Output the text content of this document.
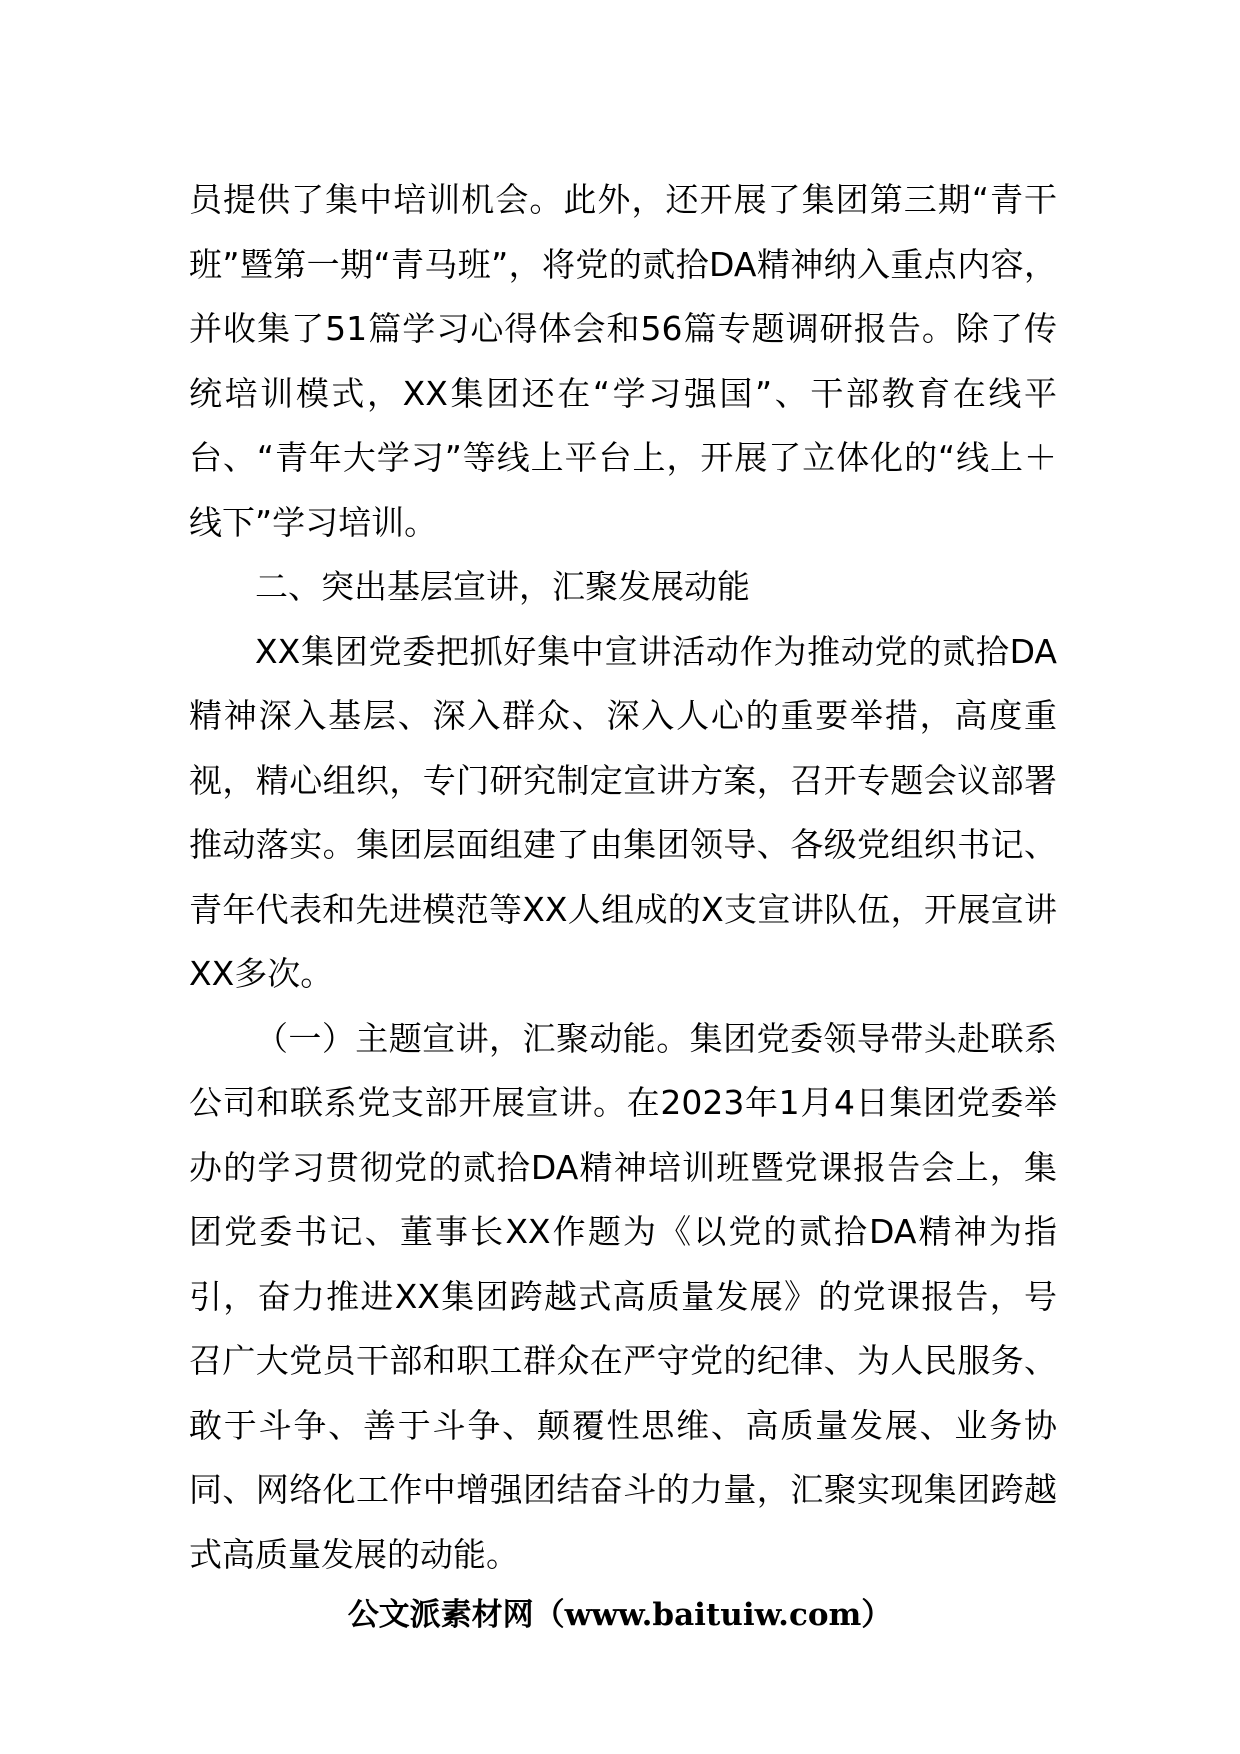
员提供了集中培训机会。此外，还开展了集团第三期“青干班”暨第一期“青马班”，将党的贰拾DA精神纳入重点内容，并收集了51篇学习心得体会和56篇专题调研报告。除了传统培训模式，XX集团还在“学习强国”、干部教育在线平台、“青年大学习”等线上平台上，开展了立体化的“线上＋线下”学习培训。

二、突出基层宣讲，汇聚发展动能

XX集团党委把抓好集中宣讲活动作为推动党的贰拾DA精神深入基层、深入群众、深入人心的重要举措，高度重视，精心组织，专门研究制定宣讲方案，召开专题会议部署推动落实。集团层面组建了由集团领导、各级党组织书记、青年代表和先进模范等XX人组成的X支宣讲队伍，开展宣讲XX多次。

（一）主题宣讲，汇聚动能。集团党委领导带头赴联系公司和联系党支部开展宣讲。在2023年1月4日集团党委举办的学习贯彻党的贰拾DA精神培训班暨党课报告会上，集团党委书记、董事长XX作题为《以党的贰拾DA精神为指引，奋力推进XX集团跨越式高质量发展》的党课报告，号召广大党员干部和职工群众在严守党的纪律、为人民服务、敢于斗争、善于斗争、颠覆性思维、高质量发展、业务协同、网络化工作中增强团结奋斗的力量，汇聚实现集团跨越式高质量发展的动能。

公文派素材网（www.baituiw.com）
